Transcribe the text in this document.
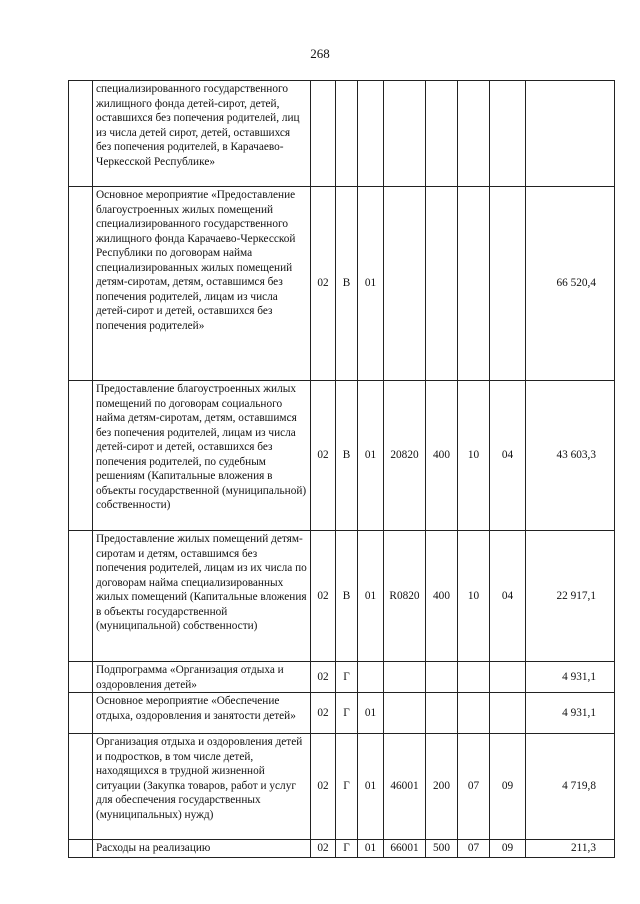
268
	специализированного государственного жилищного фонда детей-сирот, детей, оставшихся без попечения родителей, лиц из числа детей сирот, детей, оставшихся без попечения родителей, в Карачаево-Черкесской Республике»								
	Основное мероприятие «Предоставление благоустроенных жилых помещений специализированного государственного жилищного фонда Карачаево-Черкесской Республики по договорам найма специализированных жилых помещений детям-сиротам, детям, оставшимся без попечения родителей, лицам из числа детей-сирот и детей, оставшихся без попечения родителей»	02	В	01					66 520,4
	Предоставление благоустроенных жилых помещений по договорам социального найма детям-сиротам, детям, оставшимся без попечения родителей, лицам из числа детей-сирот и детей, оставшихся без попечения родителей, по судебным решениям (Капитальные вложения в объекты государственной (муниципальной) собственности)	02	В	01	20820	400	10	04	43 603,3
	Предоставление жилых помещений детям-сиротам и детям, оставшимся без попечения родителей, лицам из их числа по договорам найма специализированных жилых помещений (Капитальные вложения в объекты государственной (муниципальной) собственности)	02	В	01	R0820	400	10	04	22 917,1
	Подпрограмма «Организация отдыха и оздоровления детей»	02	Г						4 931,1
	Основное мероприятие «Обеспечение отдыха, оздоровления и занятости детей»	02	Г	01					4 931,1
	Организация отдыха и оздоровления детей и подростков, в том числе детей, находящихся в трудной жизненной ситуации (Закупка товаров, работ и услуг для обеспечения государственных (муниципальных) нужд)	02	Г	01	46001	200	07	09	4 719,8
	Расходы на реализацию	02	Г	01	66001	500	07	09	211,3
